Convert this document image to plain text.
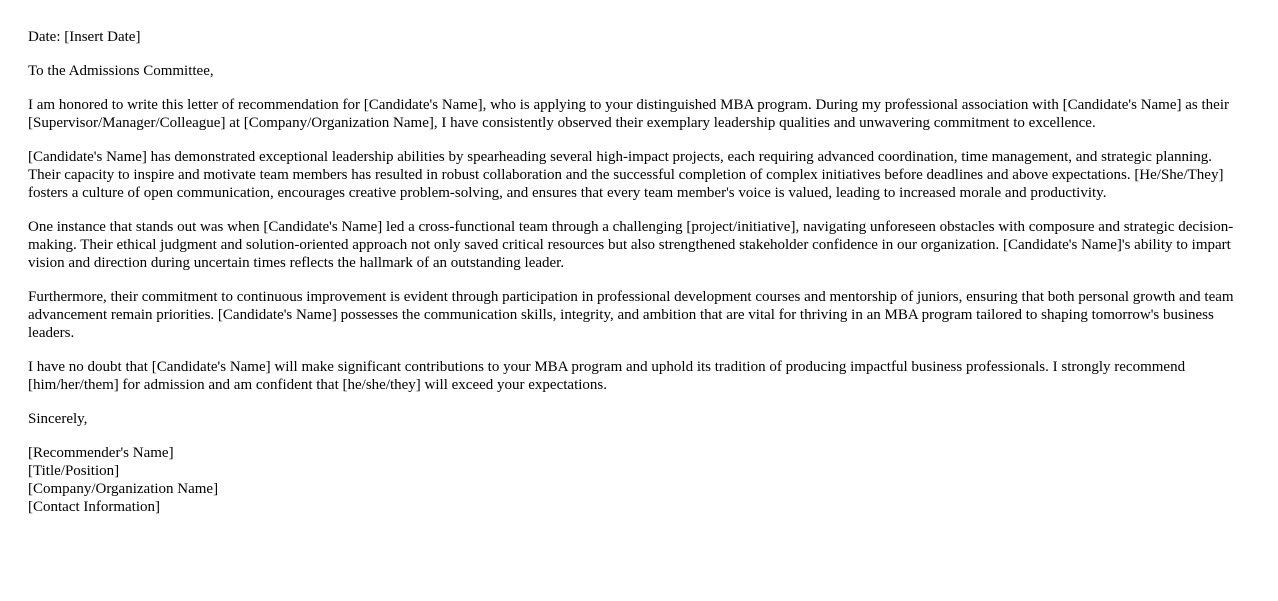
Date: [Insert Date]

To the Admissions Committee,

I am honored to write this letter of recommendation for [Candidate's Name], who is applying to your distinguished MBA program. During my professional association with [Candidate's Name] as their [Supervisor/Manager/Colleague] at [Company/Organization Name], I have consistently observed their exemplary leadership qualities and unwavering commitment to excellence.

[Candidate's Name] has demonstrated exceptional leadership abilities by spearheading several high-impact projects, each requiring advanced coordination, time management, and strategic planning. Their capacity to inspire and motivate team members has resulted in robust collaboration and the successful completion of complex initiatives before deadlines and above expectations. [He/She/They] fosters a culture of open communication, encourages creative problem-solving, and ensures that every team member's voice is valued, leading to increased morale and productivity.

One instance that stands out was when [Candidate's Name] led a cross-functional team through a challenging [project/initiative], navigating unforeseen obstacles with composure and strategic decision-making. Their ethical judgment and solution-oriented approach not only saved critical resources but also strengthened stakeholder confidence in our organization. [Candidate's Name]'s ability to impart vision and direction during uncertain times reflects the hallmark of an outstanding leader.

Furthermore, their commitment to continuous improvement is evident through participation in professional development courses and mentorship of juniors, ensuring that both personal growth and team advancement remain priorities. [Candidate's Name] possesses the communication skills, integrity, and ambition that are vital for thriving in an MBA program tailored to shaping tomorrow's business leaders.

I have no doubt that [Candidate's Name] will make significant contributions to your MBA program and uphold its tradition of producing impactful business professionals. I strongly recommend [him/her/them] for admission and am confident that [he/she/they] will exceed your expectations.

Sincerely,

[Recommender's Name]

[Title/Position]

[Company/Organization Name]

[Contact Information]
